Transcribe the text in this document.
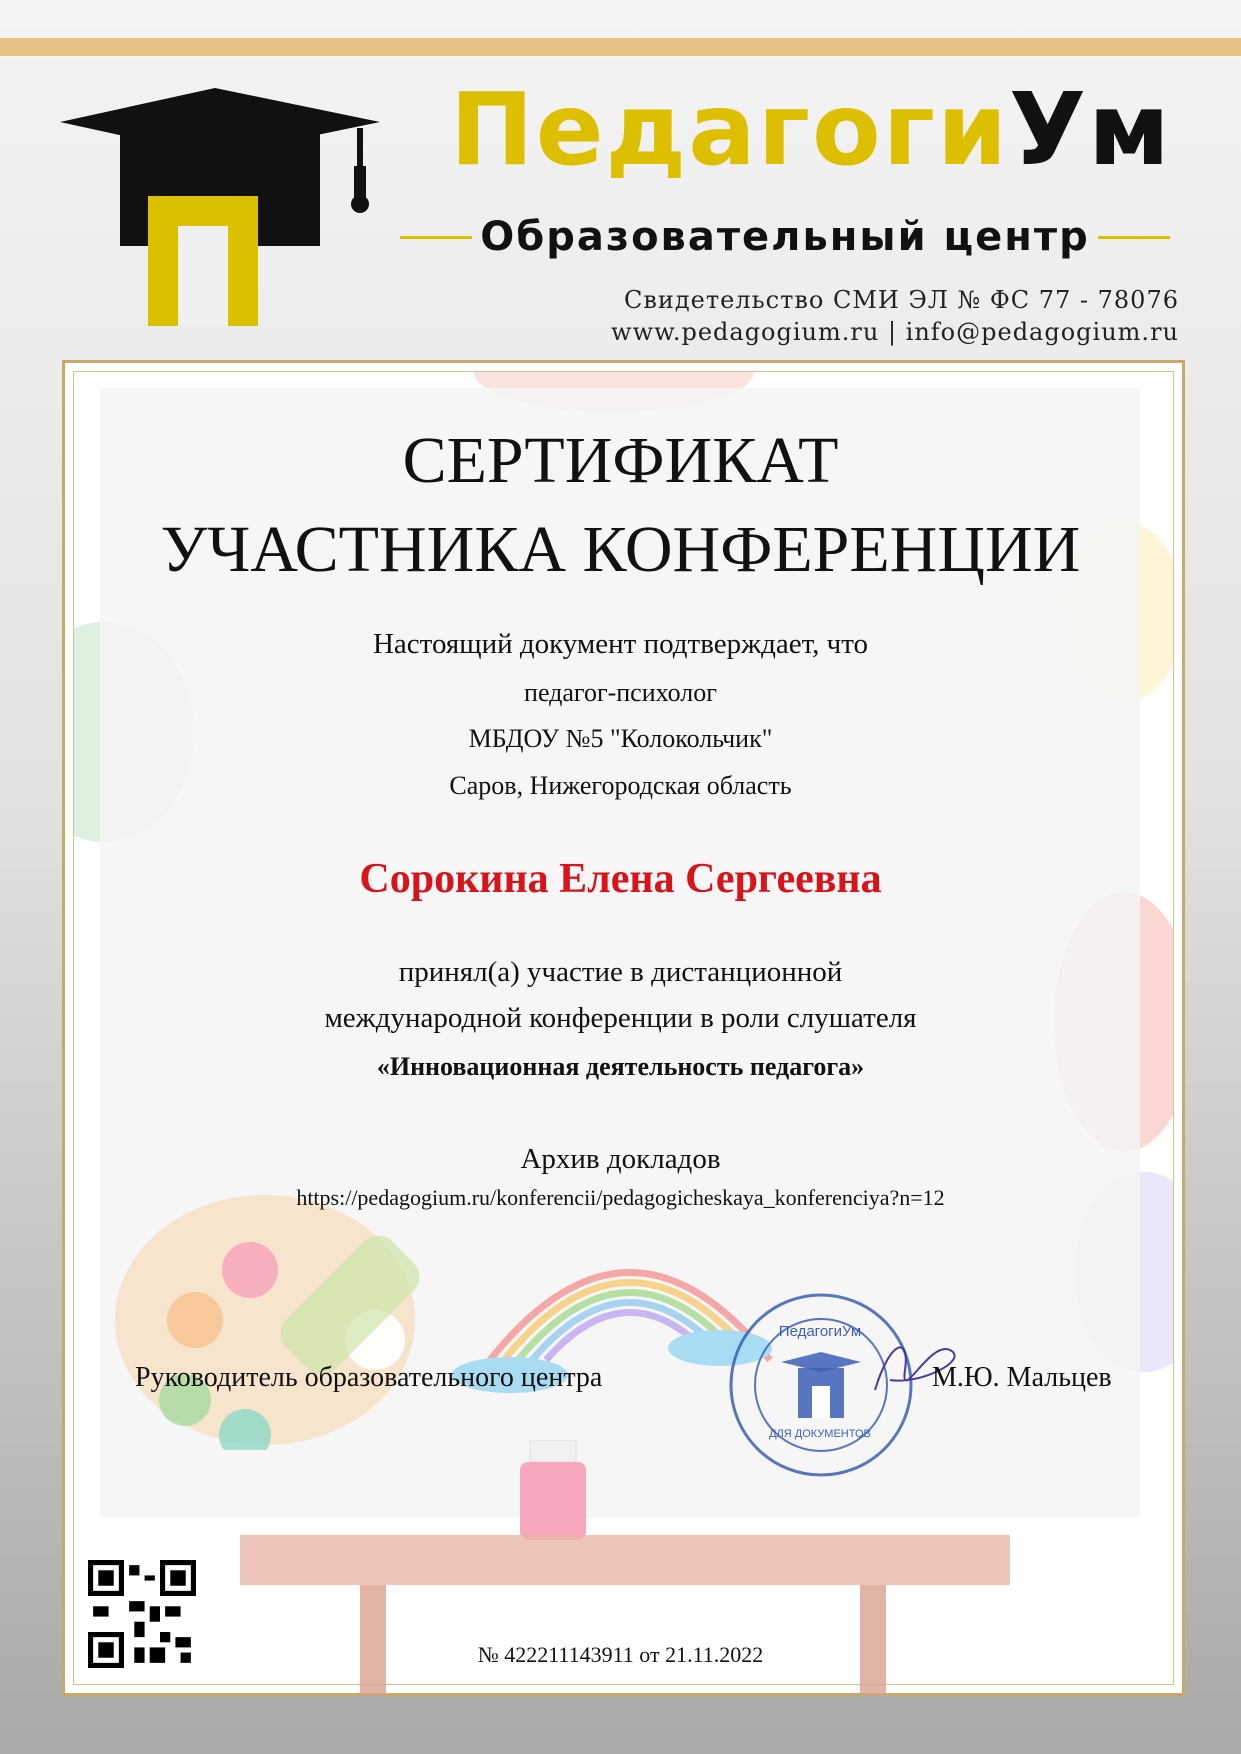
ПедагогиУм
Образовательный центр
Свидетельство СМИ ЭЛ № ФС 77 - 78076
www.pedagogium.ru | info@pedagogium.ru
СЕРТИФИКАТ
УЧАСТНИКА КОНФЕРЕНЦИИ
Настоящий документ подтверждает, что
педагог-психолог
МБДОУ №5 "Колокольчик"
Саров, Нижегородская область
Сорокина Елена Сергеевна
принял(а) участие в дистанционной
международной конференции в роли слушателя
«Инновационная деятельность педагога»
Архив докладов
https://pedagogium.ru/konferencii/pedagogicheskaya_konferenciya?n=12
Руководитель образовательного центра
ПедагогиУм
ДЛЯ ДОКУМЕНТОВ
М.Ю. Мальцев
№ 422211143911 от 21.11.2022
